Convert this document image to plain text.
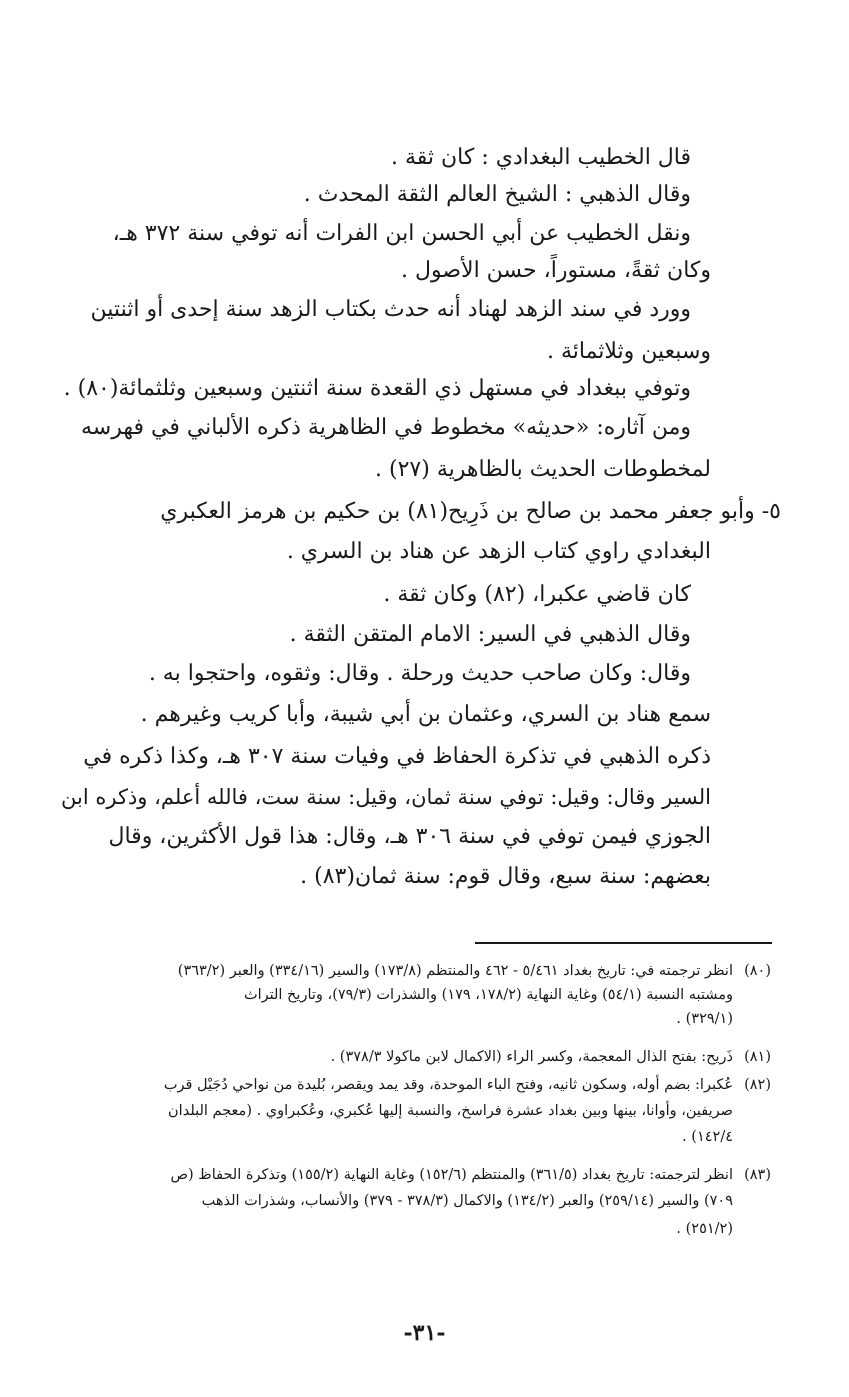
قال الخطيب البغدادي : كان ثقة .
وقال الذهبي : الشيخ العالم الثقة المحدث .
ونقل الخطيب عن أبي الحسن ابن الفرات أنه توفي سنة ٣٧٢ هـ،
وكان ثقةً، مستوراً، حسن الأصول .
وورد في سند الزهد لهناد أنه حدث بكتاب الزهد سنة إحدى أو اثنتين
وسبعين وثلاثمائة .
وتوفي ببغداد في مستهل ذي القعدة سنة اثنتين وسبعين وثلثمائة(٨٠) .
ومن آثاره: «حديثه» مخطوط في الظاهرية ذكره الألباني في فهرسه
لمخطوطات الحديث بالظاهرية (٢٧) .
٥- وأبو جعفر محمد بن صالح بن ذَرِيح(٨١) بن حكيم بن هرمز العكبري
البغدادي راوي كتاب الزهد عن هناد بن السري .
كان قاضي عكبرا، (٨٢) وكان ثقة .
وقال الذهبي في السير: الامام المتقن الثقة .
وقال: وكان صاحب حديث ورحلة . وقال: وثقوه، واحتجوا به .
سمع هناد بن السري، وعثمان بن أبي شيبة، وأبا كريب وغيرهم .
ذكره الذهبي في تذكرة الحفاظ في وفيات سنة ٣٠٧ هـ، وكذا ذكره في
السير وقال: وقيل: توفي سنة ثمان، وقيل: سنة ست، فالله أعلم، وذكره ابن
الجوزي فيمن توفي في سنة ٣٠٦ هـ، وقال: هذا قول الأكثرين، وقال
بعضهم: سنة سبع، وقال قوم: سنة ثمان(٨٣) .
(٨٠)
انظر ترجمته في: تاريخ بغداد ٥/٤٦١ - ٤٦٢ والمنتظم (١٧٣/٨) والسير (٣٣٤/١٦) والعبر (٣٦٣/٢)
ومشتبه النسبة (٥٤/١) وغاية النهاية (١٧٨/٢، ١٧٩) والشذرات (٧٩/٣)، وتاريخ التراث
(٣٢٩/١) .
(٨١)
ذَريح: بفتح الذال المعجمة، وكسر الراء (الاكمال لابن ماكولا ٣٧٨/٣) .
(٨٢)
عُكبرا: بضم أوله، وسكون ثانيه، وفتح الباء الموحدة، وقد يمد ويقصر، بُليدة من نواحي دُجَيْل قرب
صريفين، وأوانا، بينها وبين بغداد عشرة فراسخ، والنسبة إليها عُكبري، وعُكبراوي . (معجم البلدان
١٤٢/٤) .
(٨٣)
انظر لترجمته: تاريخ بغداد (٣٦١/٥) والمنتظم (١٥٢/٦) وغاية النهاية (١٥٥/٢) وتذكرة الحفاظ (ص
٧٠٩) والسير (٢٥٩/١٤) والعبر (١٣٤/٢) والاكمال (٣٧٨/٣ - ٣٧٩) والأنساب، وشذرات الذهب
(٢٥١/٢) .
-٣١-
